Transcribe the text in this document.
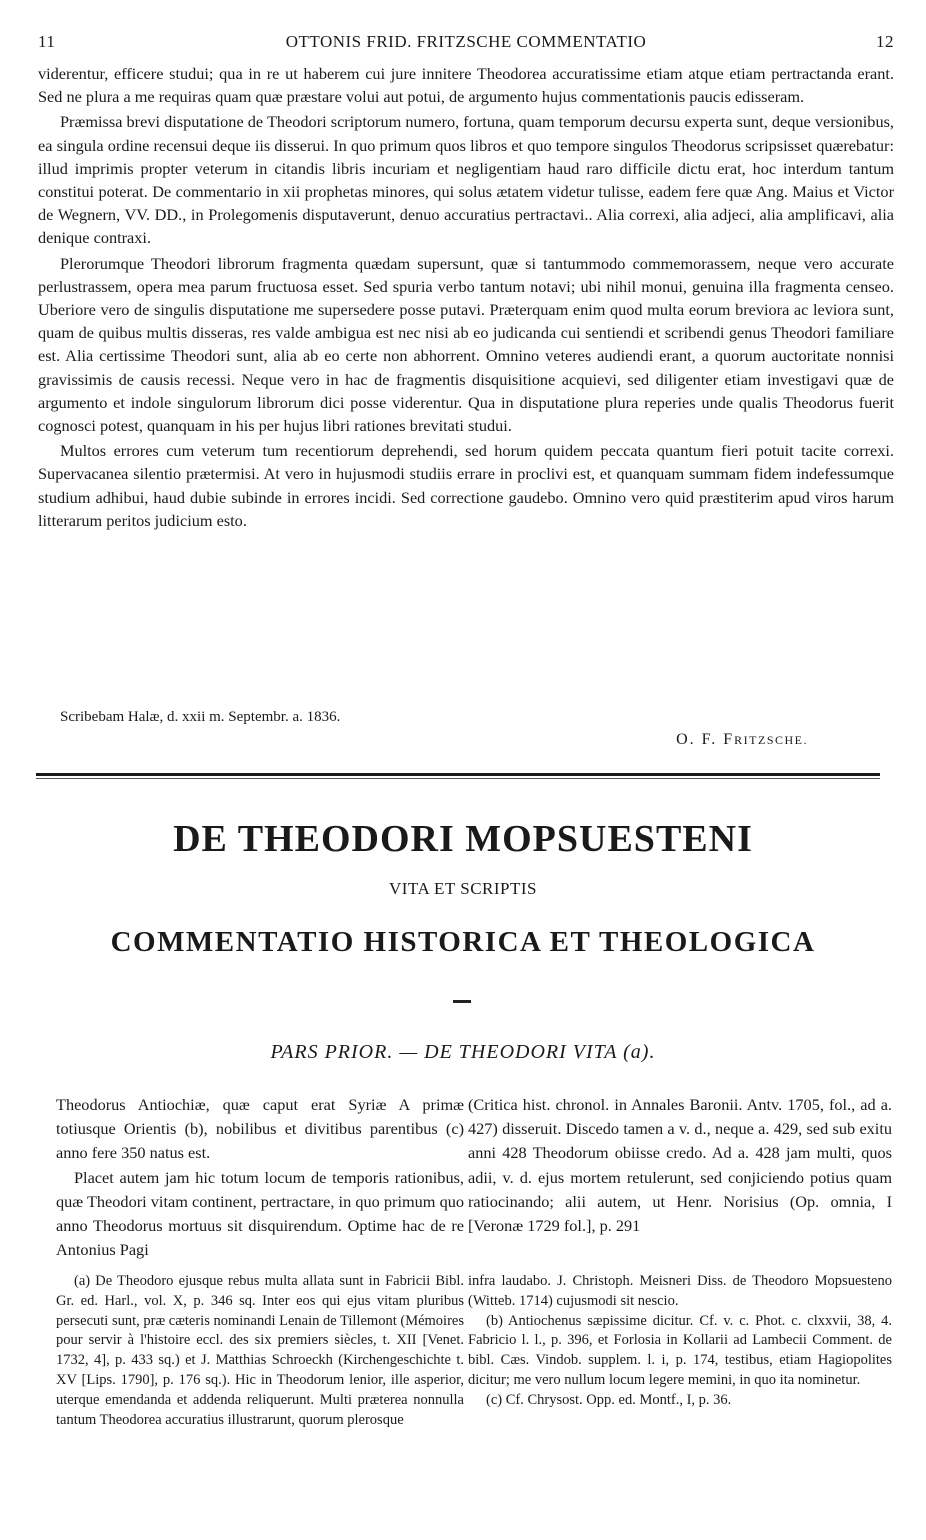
11	OTTONIS FRID. FRITZSCHE COMMENTATIO	12

viderentur, efficere studui; qua in re ut haberem cui jure innitere Theodorea accuratissime etiam atque etiam pertractanda erant. Sed ne plura a me requiras quam quæ præstare volui aut potui, de argumento hujus commentationis paucis edisseram.

Præmissa brevi disputatione de Theodori scriptorum numero, fortuna, quam temporum decursu experta sunt, deque versionibus, ea singula ordine recensui deque iis disserui. In quo primum quos libros et quo tempore singulos Theodorus scripsisset quærebatur: illud imprimis propter veterum in citandis libris incuriam et negligentiam haud raro difficile dictu erat, hoc interdum tantum constitui poterat. De commentario in xii prophetas minores, qui solus ætatem videtur tulisse, eadem fere quæ Ang. Maius et Victor de Wegnern, VV. DD., in Prolegomenis disputaverunt, denuo accuratius pertractavi.. Alia correxi, alia adjeci, alia amplificavi, alia denique contraxi.

Plerorumque Theodori librorum fragmenta quædam supersunt, quæ si tantummodo commemorassem, neque vero accurate perlustrassem, opera mea parum fructuosa esset. Sed spuria verbo tantum notavi; ubi nihil monui, genuina illa fragmenta censeo. Uberiore vero de singulis disputatione me supersedere posse putavi. Præterquam enim quod multa eorum breviora ac leviora sunt, quam de quibus multis disseras, res valde ambigua est nec nisi ab eo judicanda cui sentiendi et scribendi genus Theodori familiare est. Alia certissime Theodori sunt, alia ab eo certe non abhorrent. Omnino veteres audiendi erant, a quorum auctoritate nonnisi gravissimis de causis recessi. Neque vero in hac de fragmentis disquisitione acquievi, sed diligenter etiam investigavi quæ de argumento et indole singulorum librorum dici posse viderentur. Qua in disputatione plura reperies unde qualis Theodorus fuerit cognosci potest, quanquam in his per hujus libri rationes brevitati studui.

Multos errores cum veterum tum recentiorum deprehendi, sed horum quidem peccata quantum fieri potuit tacite correxi. Supervacanea silentio prætermisi. At vero in hujusmodi studiis errare in proclivi est, et quanquam summam fidem indefessumque studium adhibui, haud dubie subinde in errores incidi. Sed correctione gaudebo. Omnino vero quid præstiterim apud viros harum litterarum peritos judicium esto.

Scribebam Halæ, d. xxii m. Septembr. a. 1836.
O. F. FRITZSCHE.
DE THEODORI MOPSUESTENI
VITA ET SCRIPTIS
COMMENTATIO HISTORICA ET THEOLOGICA
PARS PRIOR. — DE THEODORI VITA (a).

Theodorus Antiochiæ, quæ caput erat Syriæ A primæ totiusque Orientis (b), nobilibus et divitibus parentibus (c) anno fere 350 natus est.

Placet autem jam hic totum locum de temporis rationibus, quæ Theodori vitam continent, pertractare, in quo primum quo anno Theodorus mortuus sit disquirendum. Optime hac de re Antonius Pagi

(Critica hist. chronol. in Annales Baronii. Antv. 1705, fol., ad a. 427) disseruit. Discedo tamen a v. d., neque a. 429, sed sub exitu anni 428 Theodorum obiisse credo. Ad a. 428 jam multi, quos adii, v. d. ejus mortem retulerunt, sed conjiciendo potius quam ratiocinando; alii autem, ut Henr. Norisius (Op. omnia, I [Veronæ 1729 fol.], p. 291

(a) De Theodoro ejusque rebus multa allata sunt in Fabricii Bibl. Gr. ed. Harl., vol. X, p. 346 sq. Inter eos qui ejus vitam pluribus persecuti sunt, præ cæteris nominandi Lenain de Tillemont (Mémoires pour servir à l'histoire eccl. des six premiers siècles, t. XII [Venet. 1732, 4], p. 433 sq.) et J. Matthias Schroeckh (Kirchengeschichte t. XV [Lips. 1790], p. 176 sq.). Hic in Theodorum lenior, ille asperior, uterque emendanda et addenda reliquerunt. Multi præterea nonnulla tantum Theodorea accuratius illustrarunt, quorum plerosque

infra laudabo. J. Christoph. Meisneri Diss. de Theodoro Mopsuesteno (Witteb. 1714) cujusmodi sit nescio.

(b) Antiochenus sæpissime dicitur. Cf. v. c. Phot. c. clxxvii, 38, 4. Fabricio l. l., p. 396, et Forlosia in Kollarii ad Lambecii Comment. de bibl. Cæs. Vindob. supplem. l. i, p. 174, testibus, etiam Hagiopolites dicitur; me vero nullum locum legere memini, in quo ita nominetur.

(c) Cf. Chrysost. Opp. ed. Montf., I, p. 36.
